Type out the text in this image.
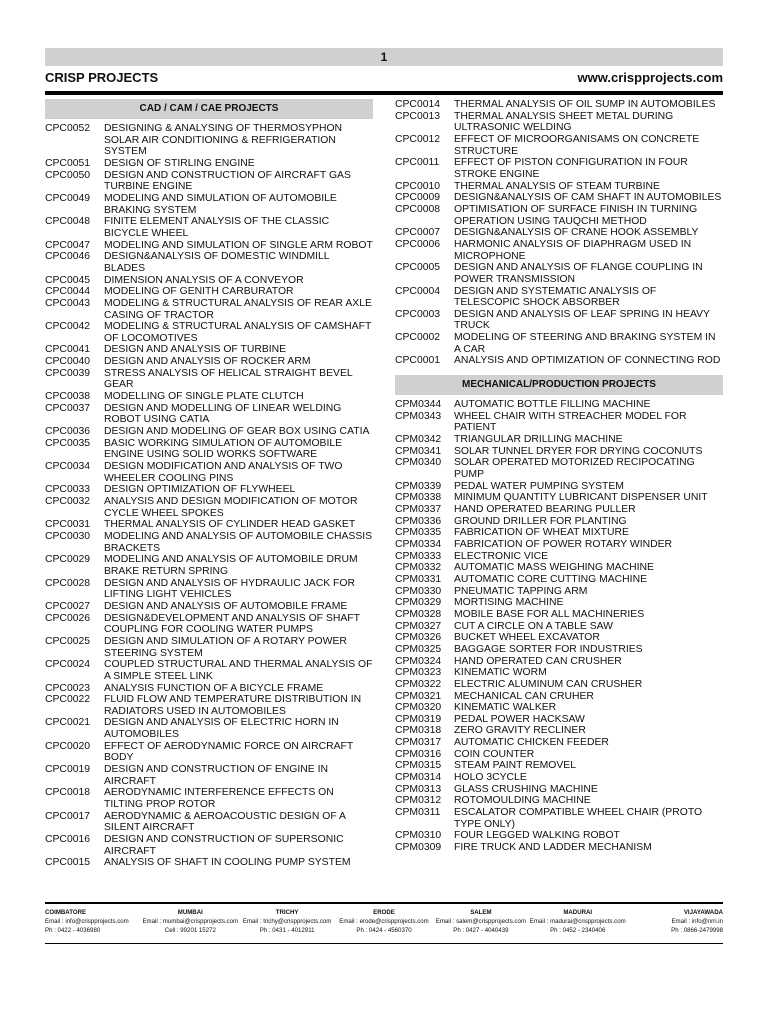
1
CRISP PROJECTS	www.crispprojects.com
CAD / CAM / CAE PROJECTS
CPC0052	DESIGNING & ANALYSING OF THERMOSYPHON SOLAR AIR CONDITIONING & REFRIGERATION SYSTEM
CPC0051	DESIGN OF STIRLING ENGINE
CPC0050	DESIGN AND CONSTRUCTION OF AIRCRAFT GAS TURBINE ENGINE
CPC0049	MODELING AND SIMULATION OF AUTOMOBILE BRAKING SYSTEM
CPC0048	FINITE ELEMENT ANALYSIS OF THE CLASSIC BICYCLE WHEEL
CPC0047	MODELING AND SIMULATION OF SINGLE ARM ROBOT
CPC0046	DESIGN&ANALYSIS OF DOMESTIC WINDMILL BLADES
CPC0045	DIMENSION ANALYSIS OF A CONVEYOR
CPC0044	MODELING OF GENITH CARBURATOR
CPC0043	MODELING & STRUCTURAL ANALYSIS OF REAR AXLE CASING OF TRACTOR
CPC0042	MODELING & STRUCTURAL ANALYSIS OF CAMSHAFT OF LOCOMOTIVES
CPC0041	DESIGN AND ANALYSIS OF TURBINE
CPC0040	DESIGN AND ANALYSIS OF ROCKER ARM
CPC0039	STRESS ANALYSIS OF HELICAL STRAIGHT BEVEL GEAR
CPC0038	MODELLING OF SINGLE PLATE CLUTCH
CPC0037	DESIGN AND MODELLING OF LINEAR WELDING ROBOT USING CATIA
CPC0036	DESIGN AND MODELING OF GEAR BOX USING CATIA
CPC0035	BASIC WORKING SIMULATION OF AUTOMOBILE ENGINE USING SOLID WORKS SOFTWARE
CPC0034	DESIGN MODIFICATION AND ANALYSIS OF TWO WHEELER COOLING PINS
CPC0033	DESIGN OPTIMIZATION OF FLYWHEEL
CPC0032	ANALYSIS AND DESIGN MODIFICATION OF MOTOR CYCLE WHEEL SPOKES
CPC0031	THERMAL ANALYSIS OF CYLINDER HEAD GASKET
CPC0030	MODELING AND ANALYSIS OF AUTOMOBILE CHASSIS BRACKETS
CPC0029	MODELING AND ANALYSIS OF AUTOMOBILE DRUM BRAKE RETURN SPRING
CPC0028	DESIGN AND ANALYSIS OF HYDRAULIC JACK FOR LIFTING LIGHT VEHICLES
CPC0027	DESIGN AND ANALYSIS OF AUTOMOBILE FRAME
CPC0026	DESIGN&DEVELOPMENT AND ANALYSIS OF SHAFT COUPLING FOR COOLING WATER PUMPS
CPC0025	DESIGN AND SIMULATION OF A ROTARY POWER STEERING SYSTEM
CPC0024	COUPLED STRUCTURAL AND THERMAL ANALYSIS OF A SIMPLE STEEL LINK
CPC0023	ANALYSIS FUNCTION OF A BICYCLE FRAME
CPC0022	FLUID FLOW AND TEMPERATURE DISTRIBUTION IN RADIATORS USED IN AUTOMOBILES
CPC0021	DESIGN AND ANALYSIS OF ELECTRIC HORN IN AUTOMOBILES
CPC0020	EFFECT OF AERODYNAMIC FORCE ON AIRCRAFT BODY
CPC0019	DESIGN AND CONSTRUCTION OF ENGINE IN AIRCRAFT
CPC0018	AERODYNAMIC INTERFERENCE EFFECTS ON TILTING PROP ROTOR
CPC0017	AERODYNAMIC & AEROACOUSTIC DESIGN OF A SILENT AIRCRAFT
CPC0016	DESIGN AND CONSTRUCTION OF SUPERSONIC AIRCRAFT
CPC0015	ANALYSIS OF SHAFT IN COOLING PUMP SYSTEM
CPC0014	THERMAL ANALYSIS OF OIL SUMP IN AUTOMOBILES
CPC0013	THERMAL ANALYSIS SHEET METAL DURING ULTRASONIC WELDING
CPC0012	EFFECT OF MICROORGANISAMS ON CONCRETE STRUCTURE
CPC0011	EFFECT OF PISTON CONFIGURATION IN FOUR STROKE ENGINE
CPC0010	THERMAL ANALYSIS OF STEAM TURBINE
CPC0009	DESIGN&ANALYSIS OF CAM SHAFT IN AUTOMOBILES
CPC0008	OPTIMISATION OF SURFACE FINISH IN TURNING OPERATION USING TAUQCHI METHOD
CPC0007	DESIGN&ANALYSIS OF CRANE HOOK ASSEMBLY
CPC0006	HARMONIC ANALYSIS OF DIAPHRAGM USED IN MICROPHONE
CPC0005	DESIGN AND ANALYSIS OF FLANGE COUPLING IN POWER TRANSMISSION
CPC0004	DESIGN AND SYSTEMATIC ANALYSIS OF TELESCOPIC SHOCK ABSORBER
CPC0003	DESIGN AND ANALYSIS OF LEAF SPRING IN HEAVY TRUCK
CPC0002	MODELING OF STEERING AND BRAKING SYSTEM IN A CAR
CPC0001	ANALYSIS AND OPTIMIZATION OF CONNECTING ROD
MECHANICAL/PRODUCTION PROJECTS
CPM0344	AUTOMATIC BOTTLE FILLING MACHINE
CPM0343	WHEEL CHAIR WITH STREACHER MODEL FOR PATIENT
CPM0342	TRIANGULAR DRILLING MACHINE
CPM0341	SOLAR TUNNEL DRYER FOR DRYING COCONUTS
CPM0340	SOLAR OPERATED MOTORIZED RECIPOCATING PUMP
CPM0339	PEDAL WATER PUMPING SYSTEM
CPM0338	MINIMUM QUANTITY LUBRICANT DISPENSER UNIT
CPM0337	HAND OPERATED BEARING PULLER
CPM0336	GROUND DRILLER FOR PLANTING
CPM0335	FABRICATION OF WHEAT MIXTURE
CPM0334	FABRICATION OF POWER ROTARY WINDER
CPM0333	ELECTRONIC VICE
CPM0332	AUTOMATIC MASS WEIGHING MACHINE
CPM0331	AUTOMATIC CORE CUTTING MACHINE
CPM0330	PNEUMATIC TAPPING ARM
CPM0329	MORTISING MACHINE
CPM0328	MOBILE BASE FOR ALL MACHINERIES
CPM0327	CUT A CIRCLE ON A TABLE SAW
CPM0326	BUCKET WHEEL EXCAVATOR
CPM0325	BAGGAGE SORTER FOR INDUSTRIES
CPM0324	HAND OPERATED CAN CRUSHER
CPM0323	KINEMATIC WORM
CPM0322	ELECTRIC ALUMINUM CAN CRUSHER
CPM0321	MECHANICAL CAN CRUHER
CPM0320	KINEMATIC WALKER
CPM0319	PEDAL POWER HACKSAW
CPM0318	ZERO GRAVITY RECLINER
CPM0317	AUTOMATIC CHICKEN FEEDER
CPM0316	COIN COUNTER
CPM0315	STEAM PAINT REMOVEL
CPM0314	HOLO 3CYCLE
CPM0313	GLASS CRUSHING MACHINE
CPM0312	ROTOMOULDING MACHINE
CPM0311	ESCALATOR COMPATIBLE WHEEL CHAIR (PROTO TYPE ONLY)
CPM0310	FOUR LEGGED WALKING ROBOT
CPM0309	FIRE TRUCK AND LADDER MECHANISM
COIMBATORE
Email : info@crispprojects.com
Ph : 0422 - 4036980
MUMBAI
Email : mumbai@crispprojects.com
Cell : 99201 15272
TRICHY
Email : trichy@crispprojects.com
Ph : 0431 - 4012911
ERODE
Email : erode@crispprojects.com
Ph : 0424 - 4560370
SALEM
Email : salem@crispprojects.com
Ph : 0427 - 4040439
MADURAI
Email : madurai@crispprojects.com
Ph : 0452 - 2340406
VIJAYAWADA
Email : info@nrri.in
Ph : 0866-2479998
